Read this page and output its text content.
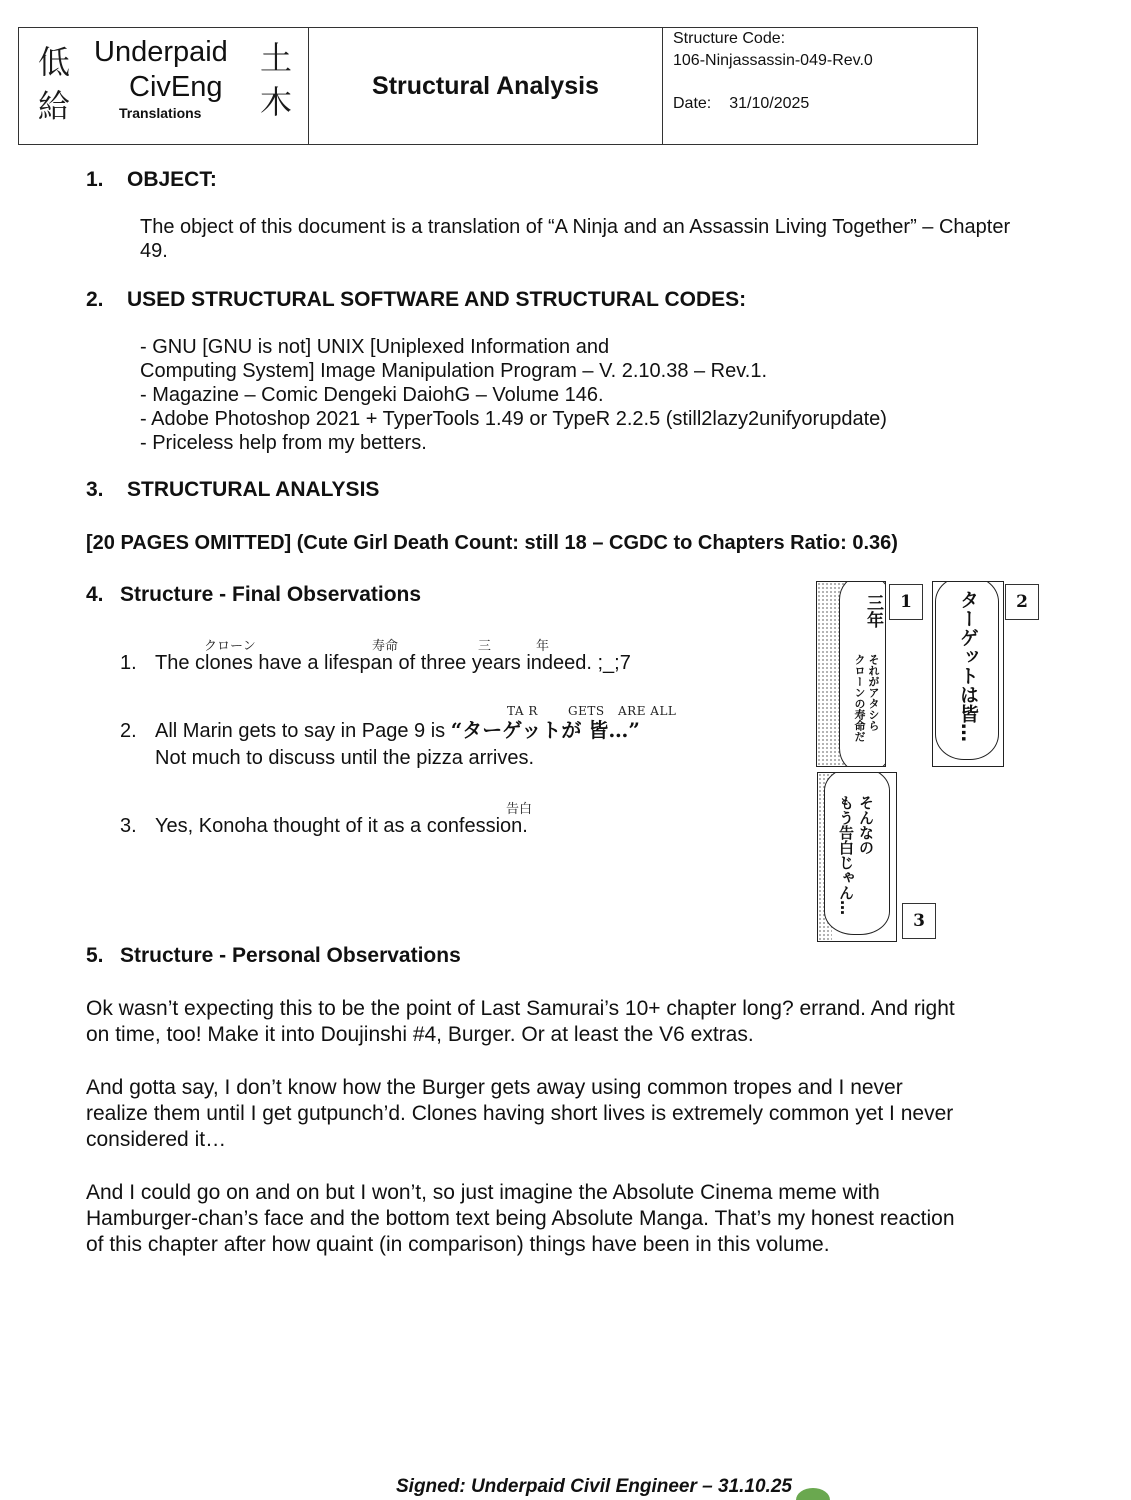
低
給
土
木
Underpaid
CivEng
Translations
Structural Analysis
Structure Code:
106-Ninjassassin-049-Rev.0
Date: 31/10/2025
1. OBJECT:
The object of this document is a translation of “A Ninja and an Assassin Living Together” – Chapter
49.
2. USED STRUCTURAL SOFTWARE AND STRUCTURAL CODES:
- GNU [GNU is not] UNIX [Uniplexed Information and
Computing System] Image Manipulation Program – V. 2.10.38 – Rev.1.
- Magazine – Comic Dengeki DaiohG – Volume 146.
- Adobe Photoshop 2021 + TyperTools 1.49 or TypeR 2.2.5 (still2lazy2unifyorupdate)
- Priceless help from my betters.
3. STRUCTURAL ANALYSIS
[20 PAGES OMITTED] (Cute Girl Death Count: still 18 – CGDC to Chapters Ratio: 0.36)
4. Structure - Final Observations
クローン	寿命	三	年
1. The clones have a lifespan of three years indeed. ;_;7
TA R	GETS ARE ALL
2. All Marin gets to say in Page 9 is “ターゲットが 皆…”
Not much to discuss until the pizza arrives.
告白
3. Yes, Konoha thought of it as a confession.
三年
それがアタシら
クローンの寿命だ
1	ターゲットは皆…	2
そんなの
もう告白じゃん…
3
5. Structure - Personal Observations
Ok wasn’t expecting this to be the point of Last Samurai’s 10+ chapter long? errand. And right
on time, too! Make it into Doujinshi #4, Burger. Or at least the V6 extras.
And gotta say, I don’t know how the Burger gets away using common tropes and I never
realize them until I get gutpunch’d. Clones having short lives is extremely common yet I never
considered it…
And I could go on and on but I won’t, so just imagine the Absolute Cinema meme with
Hamburger-chan’s face and the bottom text being Absolute Manga. That’s my honest reaction
of this chapter after how quaint (in comparison) things have been in this volume.
Signed: Underpaid Civil Engineer – 31.10.25
